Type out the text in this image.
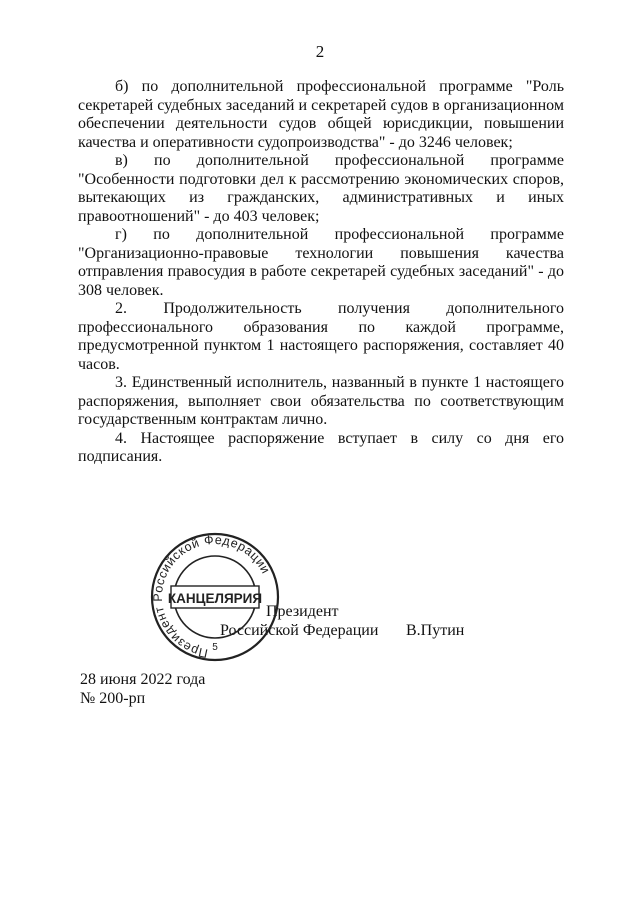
2

б) по дополнительной профессиональной программе "Роль секретарей судебных заседаний и секретарей судов в организационном обеспечении деятельности судов общей юрисдикции, повышении качества и оперативности судопроизводства" - до 3246 человек;

в) по дополнительной профессиональной программе "Особенности подготовки дел к рассмотрению экономических споров, вытекающих из гражданских, административных и иных правоотношений" - до 403 человек;

г) по дополнительной профессиональной программе "Организационно-правовые технологии повышения качества отправления правосудия в работе секретарей судебных заседаний" - до 308 человек.

2. Продолжительность получения дополнительного профессионального образования по каждой программе, предусмотренной пунктом 1 настоящего распоряжения, составляет 40 часов.

3. Единственный исполнитель, названный в пункте 1 настоящего распоряжения, выполняет свои обязательства по соответствующим государственным контрактам лично.

4. Настоящее распоряжение вступает в силу со дня его подписания.

Президент
Российской Федерации В.Путин
Президент Российской Федерации
КАНЦЕЛЯРИЯ
5
28 июня 2022 года
№ 200-рп
